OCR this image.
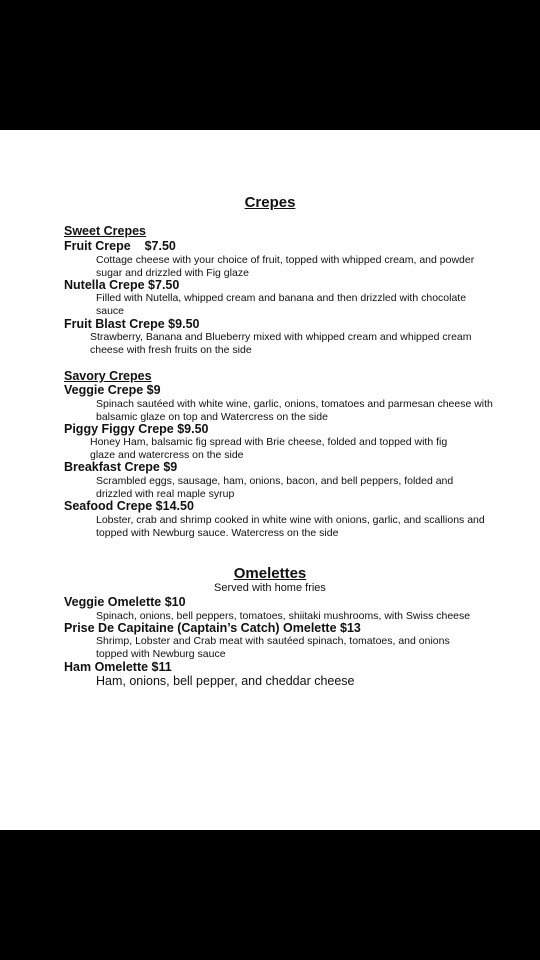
Crepes
Sweet Crepes
Fruit Crepe    $7.50
Cottage cheese with your choice of fruit, topped with whipped cream, and powder sugar and drizzled with Fig glaze
Nutella Crepe $7.50
Filled with Nutella, whipped cream and banana and then drizzled with chocolate sauce
Fruit Blast Crepe $9.50
Strawberry, Banana and Blueberry mixed with whipped cream and whipped cream cheese with fresh fruits on the side
Savory Crepes
Veggie Crepe $9
Spinach sautéed with white wine, garlic, onions, tomatoes and parmesan cheese with balsamic glaze on top and Watercress on the side
Piggy Figgy Crepe $9.50
Honey Ham, balsamic fig spread with Brie cheese, folded and topped with fig glaze and watercress on the side
Breakfast Crepe $9
Scrambled eggs, sausage, ham, onions, bacon, and bell peppers, folded and drizzled with real maple syrup
Seafood Crepe $14.50
Lobster, crab and shrimp cooked in white wine with onions, garlic, and scallions and topped with Newburg sauce. Watercress on the side
Omelettes
Served with home fries
Veggie Omelette $10
Spinach, onions, bell peppers, tomatoes, shiitaki mushrooms, with Swiss cheese
Prise De Capitaine (Captain’s Catch) Omelette $13
Shrimp, Lobster and Crab meat with sautéed spinach, tomatoes, and onions topped with Newburg sauce
Ham Omelette $11
Ham, onions, bell pepper, and cheddar cheese
